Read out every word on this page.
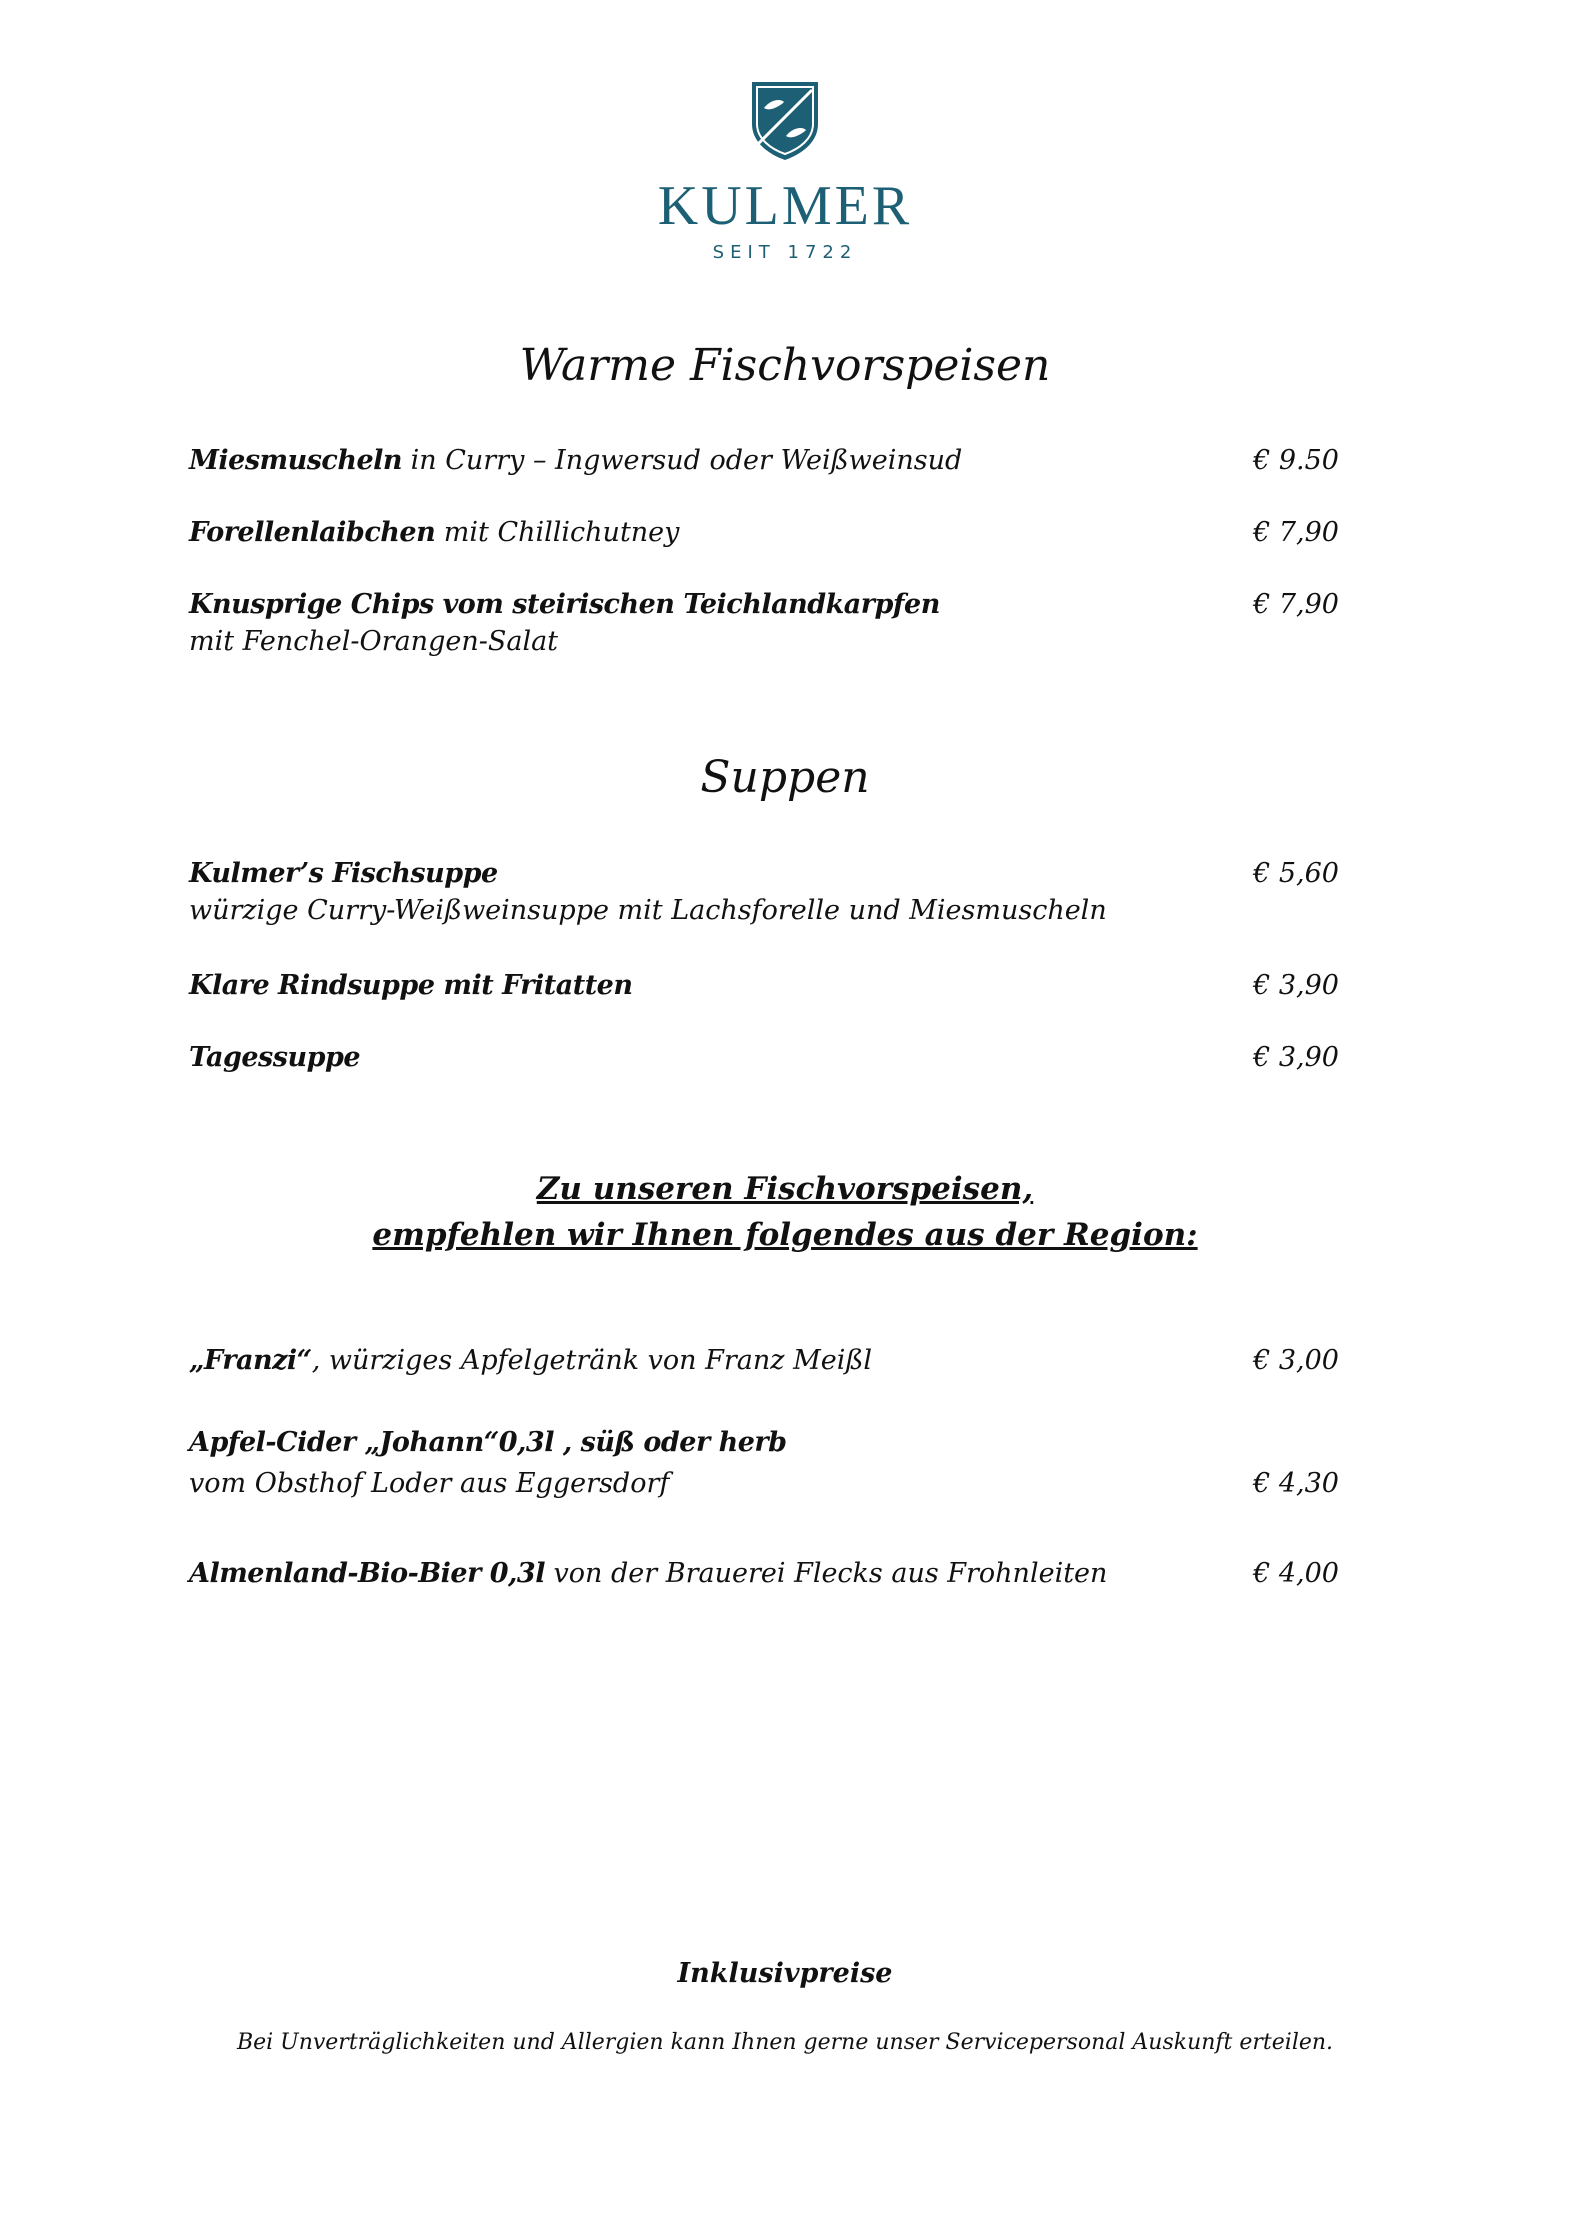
KULMER
SEIT 1722
Warme Fischvorspeisen
Miesmuscheln in Curry – Ingwersud oder Weißweinsud	€ 9.50
Forellenlaibchen mit Chillichutney	€ 7,90
Knusprige Chips vom steirischen Teichlandkarpfen	€ 7,90
mit Fenchel-Orangen-Salat
Suppen
Kulmer’s Fischsuppe	€ 5,60
würzige Curry-Weißweinsuppe mit Lachsforelle und Miesmuscheln
Klare Rindsuppe mit Fritatten	€ 3,90
Tagessuppe	€ 3,90
Zu unseren Fischvorspeisen,
empfehlen wir Ihnen folgendes aus der Region:
„Franzi“, würziges Apfelgetränk von Franz Meißl	€ 3,00
Apfel-Cider „Johann“0,3l , süß oder herb
vom Obsthof Loder aus Eggersdorf	€ 4,30
Almenland-Bio-Bier 0,3l von der Brauerei Flecks aus Frohnleiten	€ 4,00
Inklusivpreise
Bei Unverträglichkeiten und Allergien kann Ihnen gerne unser Servicepersonal Auskunft erteilen.
